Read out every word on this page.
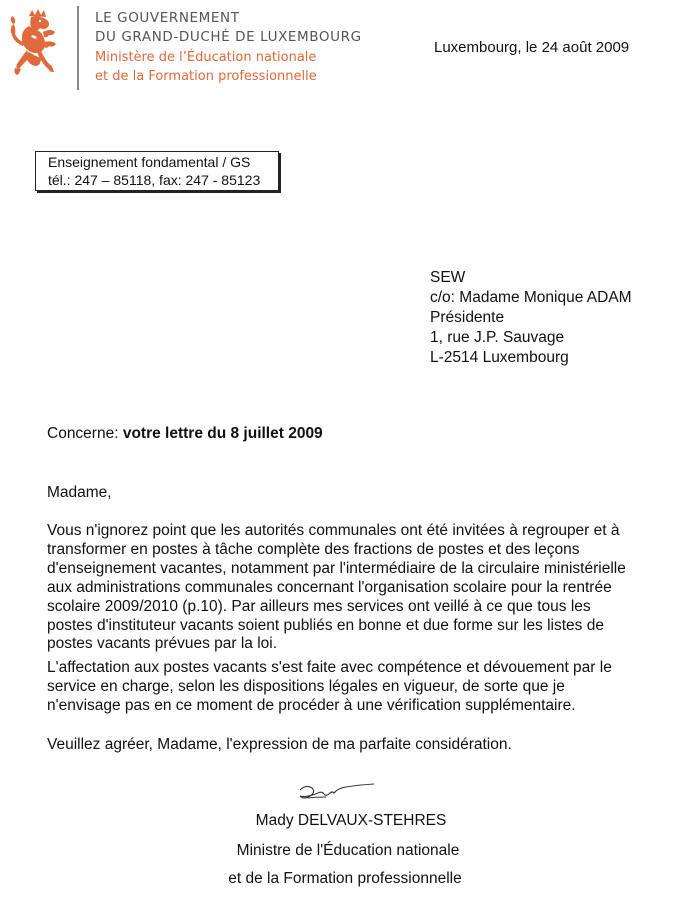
LE GOUVERNEMENT
DU GRAND-DUCHÉ DE LUXEMBOURG
Ministère de l’Éducation nationale
et de la Formation professionnelle
Luxembourg, le 24 août 2009
Enseignement fondamental / GS
tél.: 247 – 85118, fax: 247 - 85123
SEW
c/o: Madame Monique ADAM
Présidente
1, rue J.P. Sauvage
L-2514 Luxembourg
Concerne: votre lettre du 8 juillet 2009
Madame,
Vous n'ignorez point que les autorités communales ont été invitées à regrouper et à
transformer en postes à tâche complète des fractions de postes et des leçons
d'enseignement vacantes, notamment par l'intermédiaire de la circulaire ministérielle
aux administrations communales concernant l'organisation scolaire pour la rentrée
scolaire 2009/2010 (p.10). Par ailleurs mes services ont veillé à ce que tous les
postes d'instituteur vacants soient publiés en bonne et due forme sur les listes de
postes vacants prévues par la loi.
L'affectation aux postes vacants s'est faite avec compétence et dévouement par le
service en charge, selon les dispositions légales en vigueur, de sorte que je
n'envisage pas en ce moment de procéder à une vérification supplémentaire.
Veuillez agréer, Madame, l'expression de ma parfaite considération.
Mady DELVAUX-STEHRES
Ministre de l'Éducation nationale
et de la Formation professionnelle
